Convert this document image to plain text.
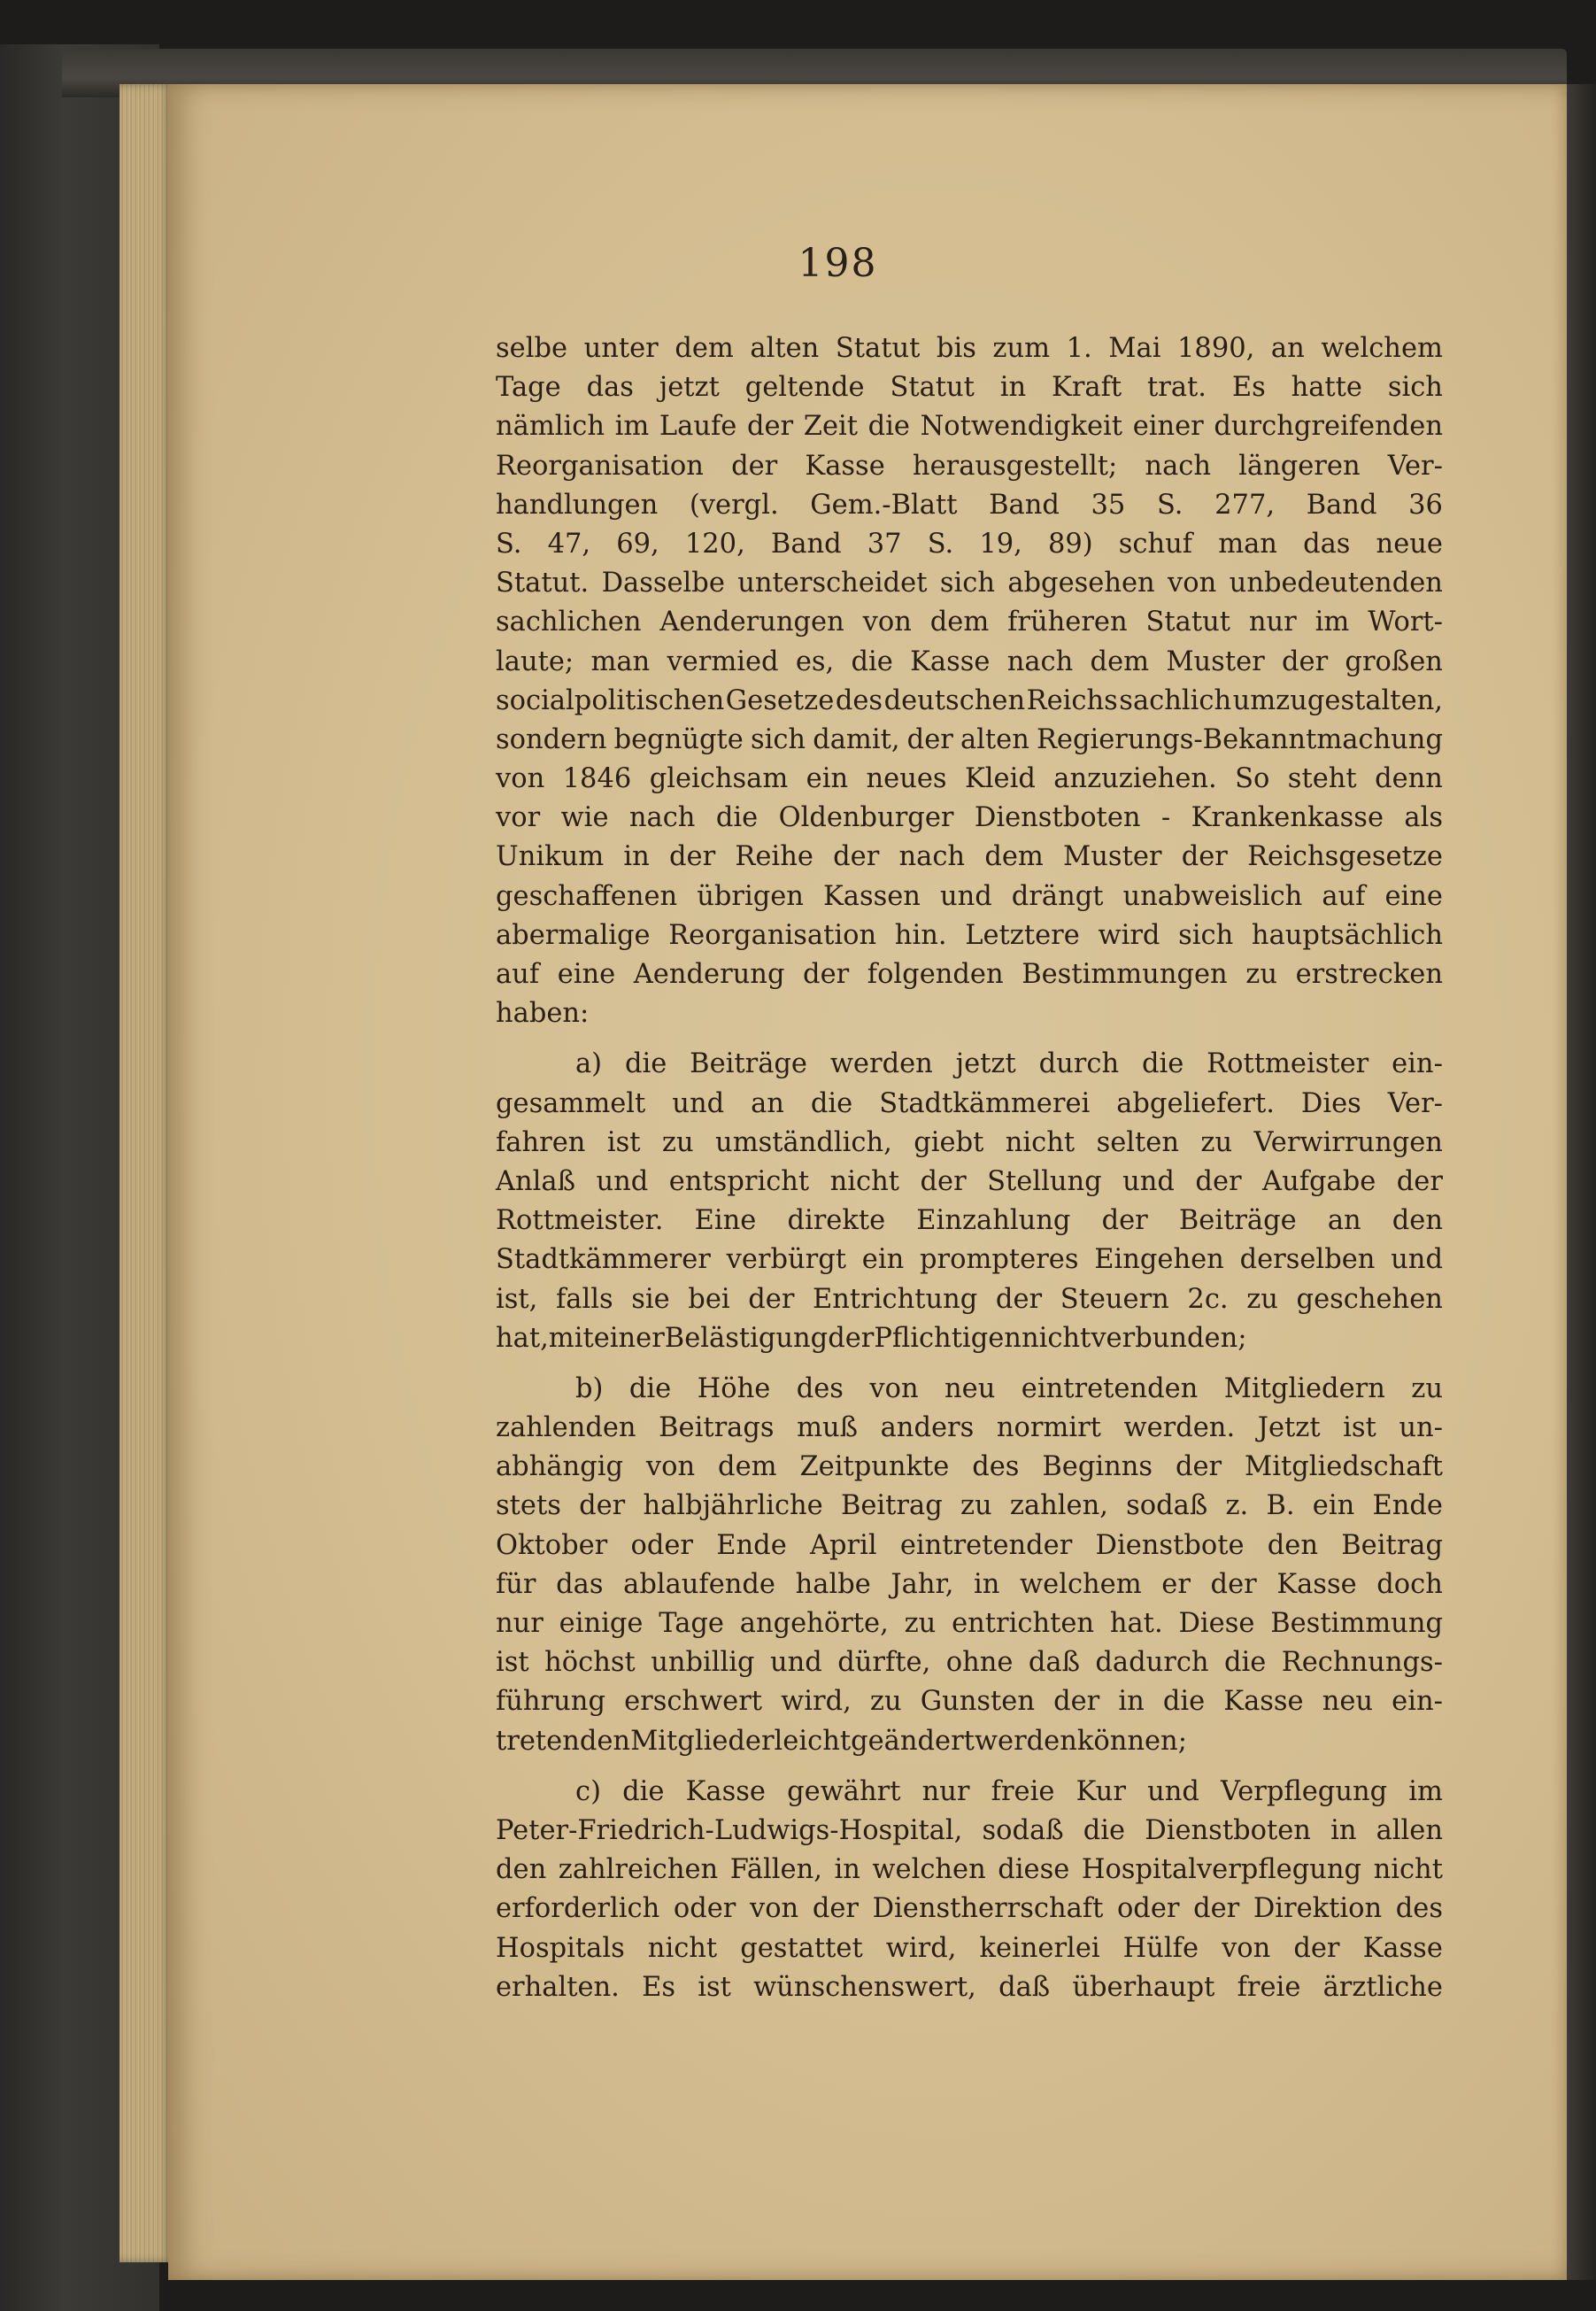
198
selbe unter dem alten Statut bis zum 1. Mai 1890, an welchem
Tage das jetzt geltende Statut in Kraft trat. Es hatte sich
nämlich im Laufe der Zeit die Notwendigkeit einer durchgreifenden
Reorganisation der Kasse herausgestellt; nach längeren Ver-
handlungen (vergl. Gem.-Blatt Band 35 S. 277, Band 36
S. 47, 69, 120, Band 37 S. 19, 89) schuf man das neue
Statut. Dasselbe unterscheidet sich abgesehen von unbedeutenden
sachlichen Aenderungen von dem früheren Statut nur im Wort-
laute; man vermied es, die Kasse nach dem Muster der großen
socialpolitischen Gesetze des deutschen Reichs sachlich umzugestalten,
sondern begnügte sich damit, der alten Regierungs-Bekanntmachung
von 1846 gleichsam ein neues Kleid anzuziehen. So steht denn
vor wie nach die Oldenburger Dienstboten - Krankenkasse als
Unikum in der Reihe der nach dem Muster der Reichsgesetze
geschaffenen übrigen Kassen und drängt unabweislich auf eine
abermalige Reorganisation hin. Letztere wird sich hauptsächlich
auf eine Aenderung der folgenden Bestimmungen zu erstrecken
haben:
a) die Beiträge werden jetzt durch die Rottmeister ein-
gesammelt und an die Stadtkämmerei abgeliefert. Dies Ver-
fahren ist zu umständlich, giebt nicht selten zu Verwirrungen
Anlaß und entspricht nicht der Stellung und der Aufgabe der
Rottmeister. Eine direkte Einzahlung der Beiträge an den
Stadtkämmerer verbürgt ein prompteres Eingehen derselben und
ist, falls sie bei der Entrichtung der Steuern 2c. zu geschehen
hat, mit einer Belästigung der Pflichtigen nicht verbunden;
b) die Höhe des von neu eintretenden Mitgliedern zu
zahlenden Beitrags muß anders normirt werden. Jetzt ist un-
abhängig von dem Zeitpunkte des Beginns der Mitgliedschaft
stets der halbjährliche Beitrag zu zahlen, sodaß z. B. ein Ende
Oktober oder Ende April eintretender Dienstbote den Beitrag
für das ablaufende halbe Jahr, in welchem er der Kasse doch
nur einige Tage angehörte, zu entrichten hat. Diese Bestimmung
ist höchst unbillig und dürfte, ohne daß dadurch die Rechnungs-
führung erschwert wird, zu Gunsten der in die Kasse neu ein-
tretenden Mitglieder leicht geändert werden können;
c) die Kasse gewährt nur freie Kur und Verpflegung im
Peter-Friedrich-Ludwigs-Hospital, sodaß die Dienstboten in allen
den zahlreichen Fällen, in welchen diese Hospitalverpflegung nicht
erforderlich oder von der Dienstherrschaft oder der Direktion des
Hospitals nicht gestattet wird, keinerlei Hülfe von der Kasse
erhalten. Es ist wünschenswert, daß überhaupt freie ärztliche
